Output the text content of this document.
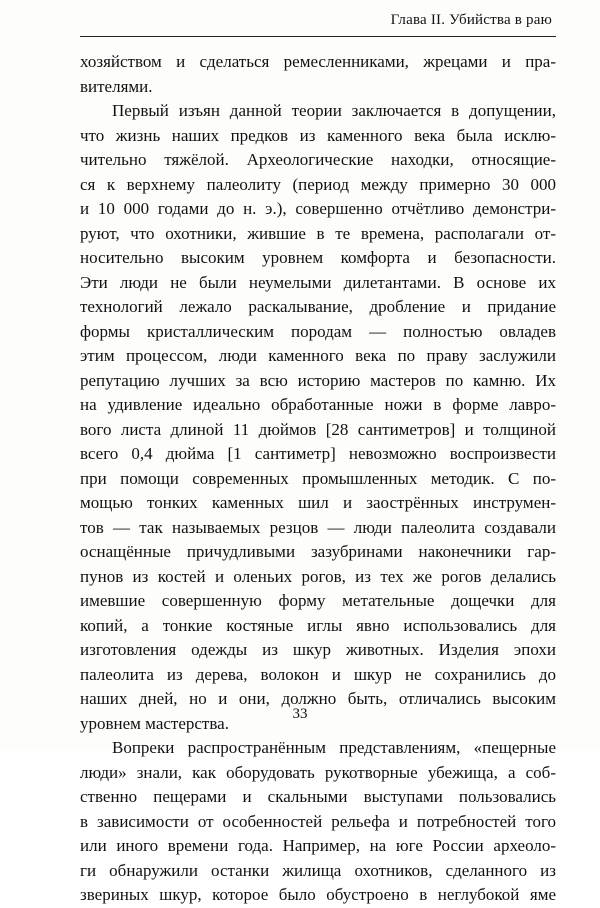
Глава II. Убийства в раю
хозяйством и сделаться ремесленниками, жрецами и пра-
вителями.
Первый изъян данной теории заключается в допущении,
что жизнь наших предков из каменного века была исклю-
чительно тяжёлой. Археологические находки, относящие-
ся к верхнему палеолиту (период между примерно 30 000
и 10 000 годами до н. э.), совершенно отчётливо демонстри-
руют, что охотники, жившие в те времена, располагали от-
носительно высоким уровнем комфорта и безопасности.
Эти люди не были неумелыми дилетантами. В основе их
технологий лежало раскалывание, дробление и придание
формы кристаллическим породам — полностью овладев
этим процессом, люди каменного века по праву заслужили
репутацию лучших за всю историю мастеров по камню. Их
на удивление идеально обработанные ножи в форме лавро-
вого листа длиной 11 дюймов [28 сантиметров] и толщиной
всего 0,4 дюйма [1 сантиметр] невозможно воспроизвести
при помощи современных промышленных методик. С по-
мощью тонких каменных шил и заострённых инструмен-
тов — так называемых резцов — люди палеолита создавали
оснащённые причудливыми зазубринами наконечники гар-
пунов из костей и оленьих рогов, из тех же рогов делались
имевшие совершенную форму метательные дощечки для
копий, а тонкие костяные иглы явно использовались для
изготовления одежды из шкур животных. Изделия эпохи
палеолита из дерева, волокон и шкур не сохранились до
наших дней, но и они, должно быть, отличались высоким
уровнем мастерства.
Вопреки распространённым представлениям, «пещерные
люди» знали, как оборудовать рукотворные убежища, а соб-
ственно пещерами и скальными выступами пользовались
в зависимости от особенностей рельефа и потребностей того
или иного времени года. Например, на юге России археоло-
ги обнаружили останки жилища охотников, сделанного из
звериных шкур, которое было обустроено в неглубокой яме
33
